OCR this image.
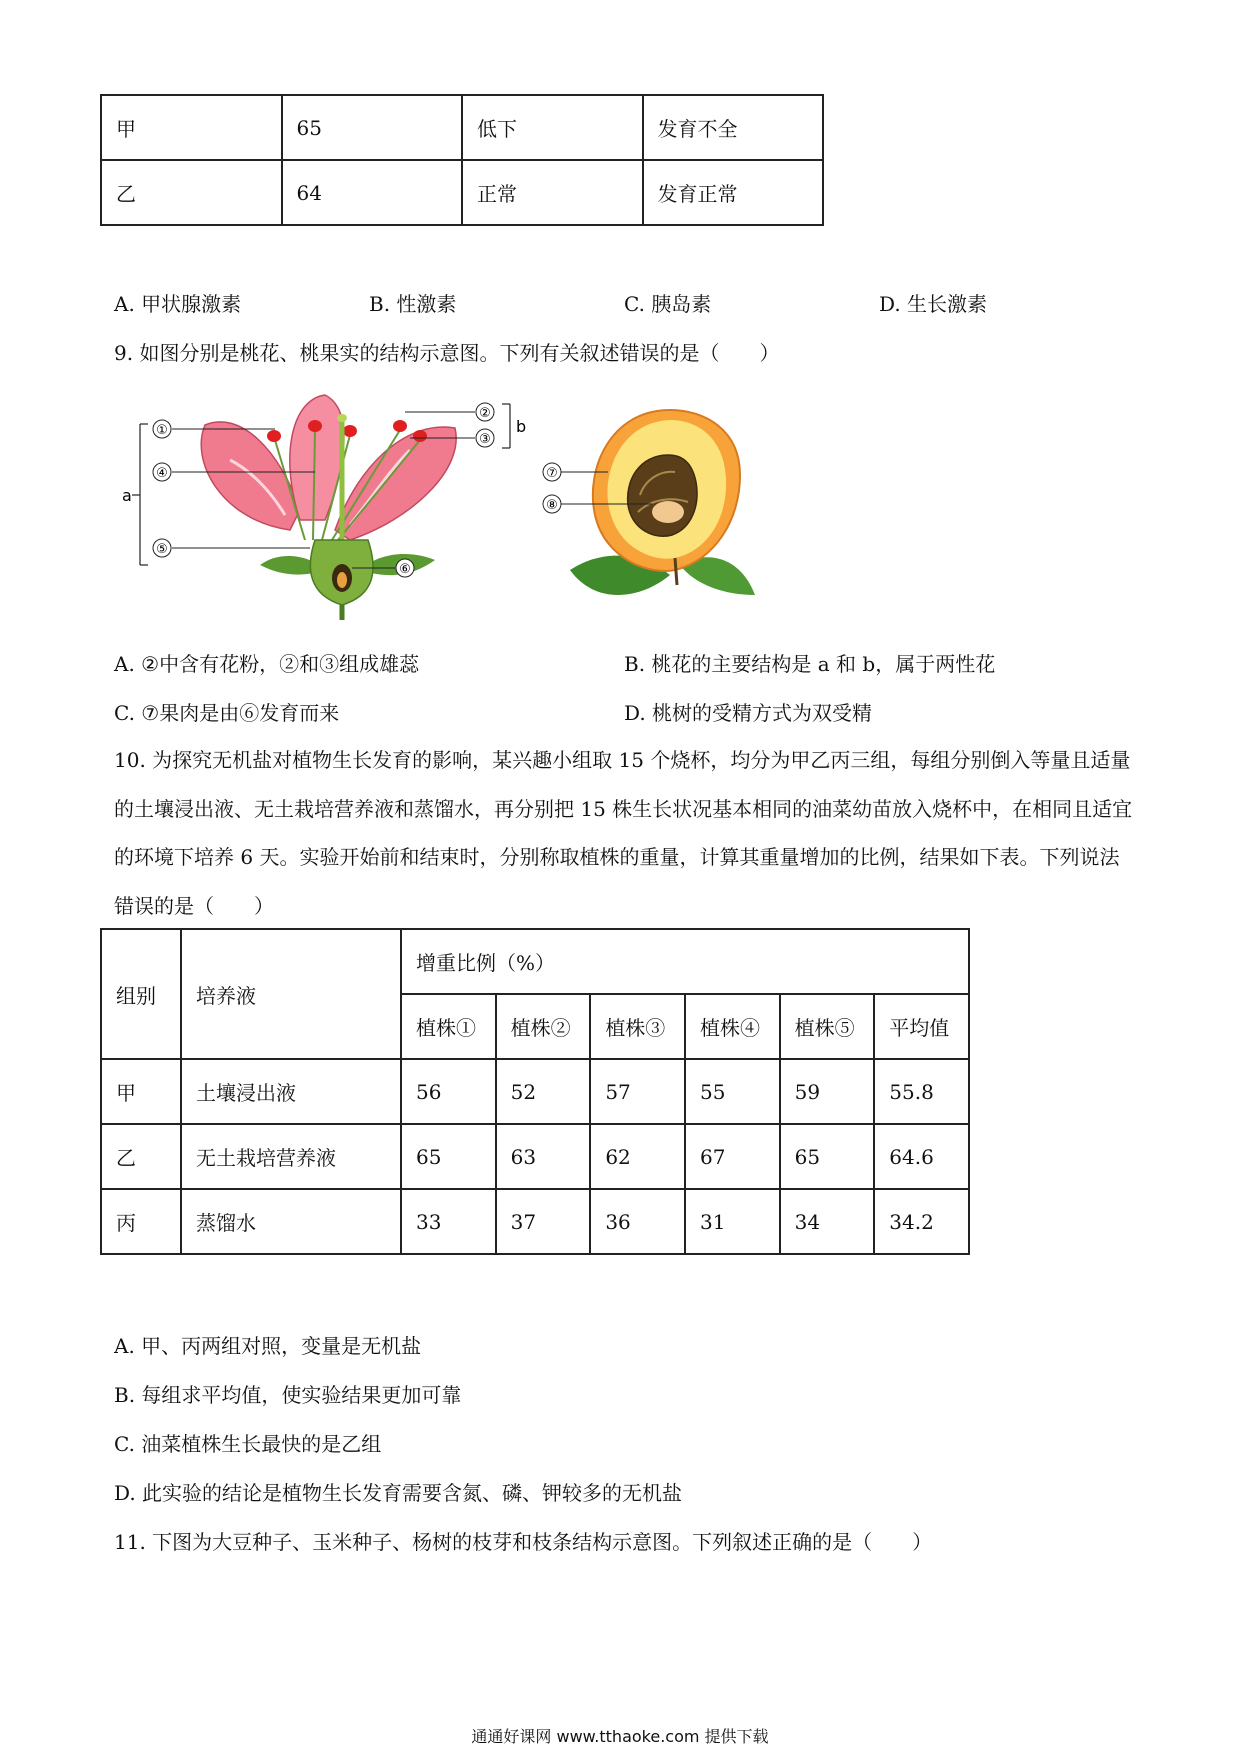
甲	65	低下	发育不全
乙	64	正常	发育正常
A. 甲状腺激素	B. 性激素	C. 胰岛素	D. 生长激素
9. 如图分别是桃花、桃果实的结构示意图。下列有关叙述错误的是（　　）
a
①
④
⑤
⑥
②
③
b
⑦
⑧
A. ②中含有花粉，②和③组成雄蕊	B. 桃花的主要结构是 a 和 b，属于两性花
C. ⑦果肉是由⑥发育而来	D. 桃树的受精方式为双受精
10. 为探究无机盐对植物生长发育的影响，某兴趣小组取 15 个烧杯，均分为甲乙丙三组，每组分别倒入等量且适量的土壤浸出液、无土栽培营养液和蒸馏水，再分别把 15 株生长状况基本相同的油菜幼苗放入烧杯中，在相同且适宜的环境下培养 6 天。实验开始前和结束时，分别称取植株的重量，计算其重量增加的比例，结果如下表。下列说法错误的是（　　）
组别	培养液	增重比例（%）					
		植株①	植株②	植株③	植株④	植株⑤	平均值
甲	土壤浸出液	56	52	57	55	59	55.8
乙	无土栽培营养液	65	63	62	67	65	64.6
丙	蒸馏水	33	37	36	31	34	34.2
A. 甲、丙两组对照，变量是无机盐
B. 每组求平均值，使实验结果更加可靠
C. 油菜植株生长最快的是乙组
D. 此实验的结论是植物生长发育需要含氮、磷、钾较多的无机盐
11. 下图为大豆种子、玉米种子、杨树的枝芽和枝条结构示意图。下列叙述正确的是（　　）
通通好课网 www.tthaoke.com 提供下载
